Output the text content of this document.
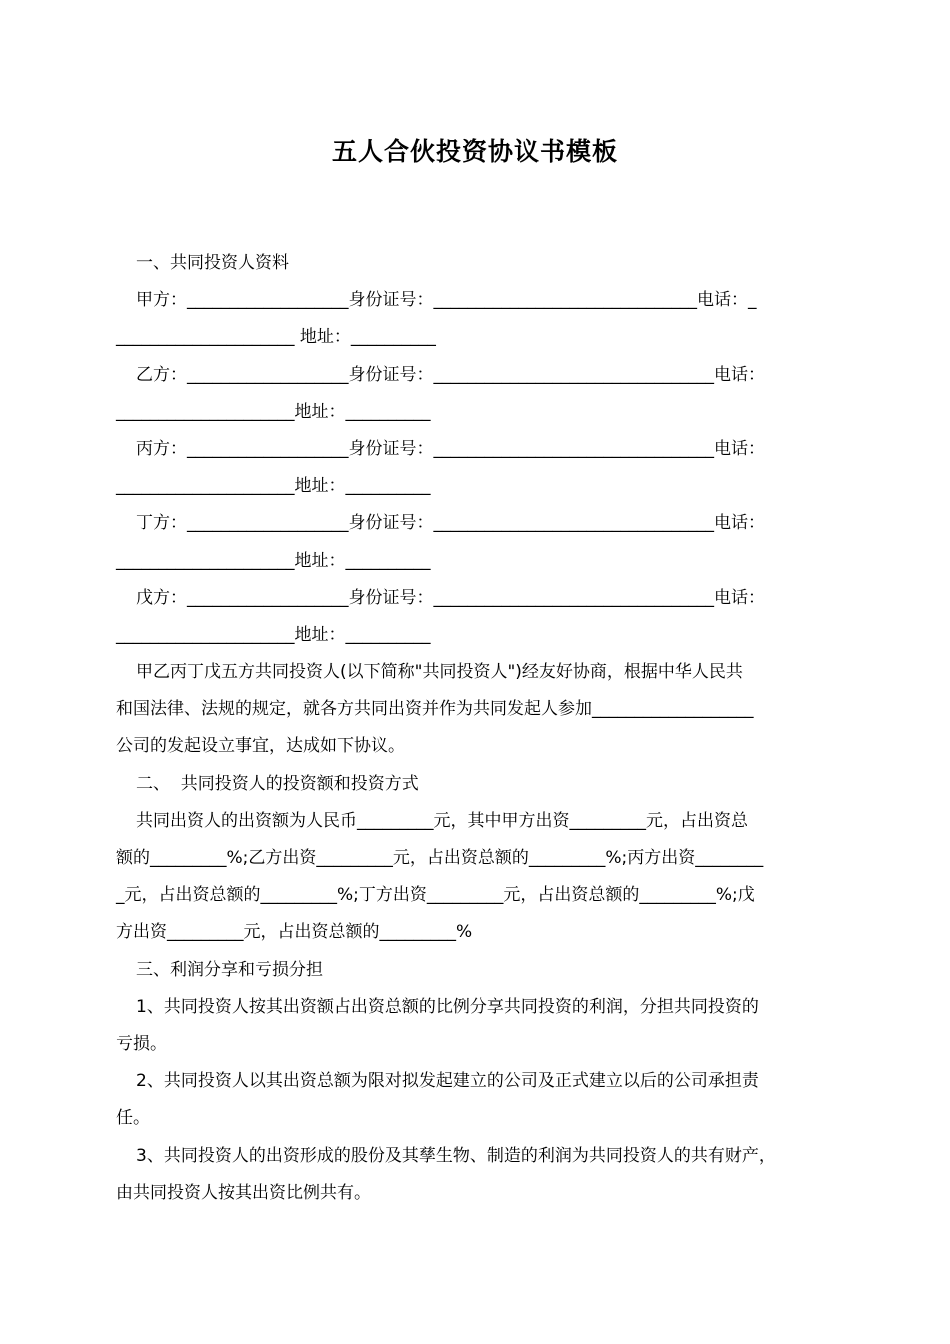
五人合伙投资协议书模板
一、共同投资人资料
甲方：___________________身份证号：_______________________________电话：_
_____________________ 地址：__________
乙方：___________________身份证号：_________________________________电话：
_____________________地址：__________
丙方：___________________身份证号：_________________________________电话：
_____________________地址：__________
丁方：___________________身份证号：_________________________________电话：
_____________________地址：__________
戊方：___________________身份证号：_________________________________电话：
_____________________地址：__________
甲乙丙丁戊五方共同投资人(以下简称"共同投资人")经友好协商，根据中华人民共
和国法律、法规的规定，就各方共同出资并作为共同发起人参加___________________
公司的发起设立事宜，达成如下协议。
二、  共同投资人的投资额和投资方式
共同出资人的出资额为人民币_________元，其中甲方出资_________元，占出资总
额的_________%;乙方出资_________元，占出资总额的_________%;丙方出资________
_元，占出资总额的_________%;丁方出资_________元，占出资总额的_________%;戊
方出资_________元，占出资总额的_________%
三、利润分享和亏损分担
1、共同投资人按其出资额占出资总额的比例分享共同投资的利润，分担共同投资的
亏损。
2、共同投资人以其出资总额为限对拟发起建立的公司及正式建立以后的公司承担责
任。
3、共同投资人的出资形成的股份及其孳生物、制造的利润为共同投资人的共有财产，
由共同投资人按其出资比例共有。
